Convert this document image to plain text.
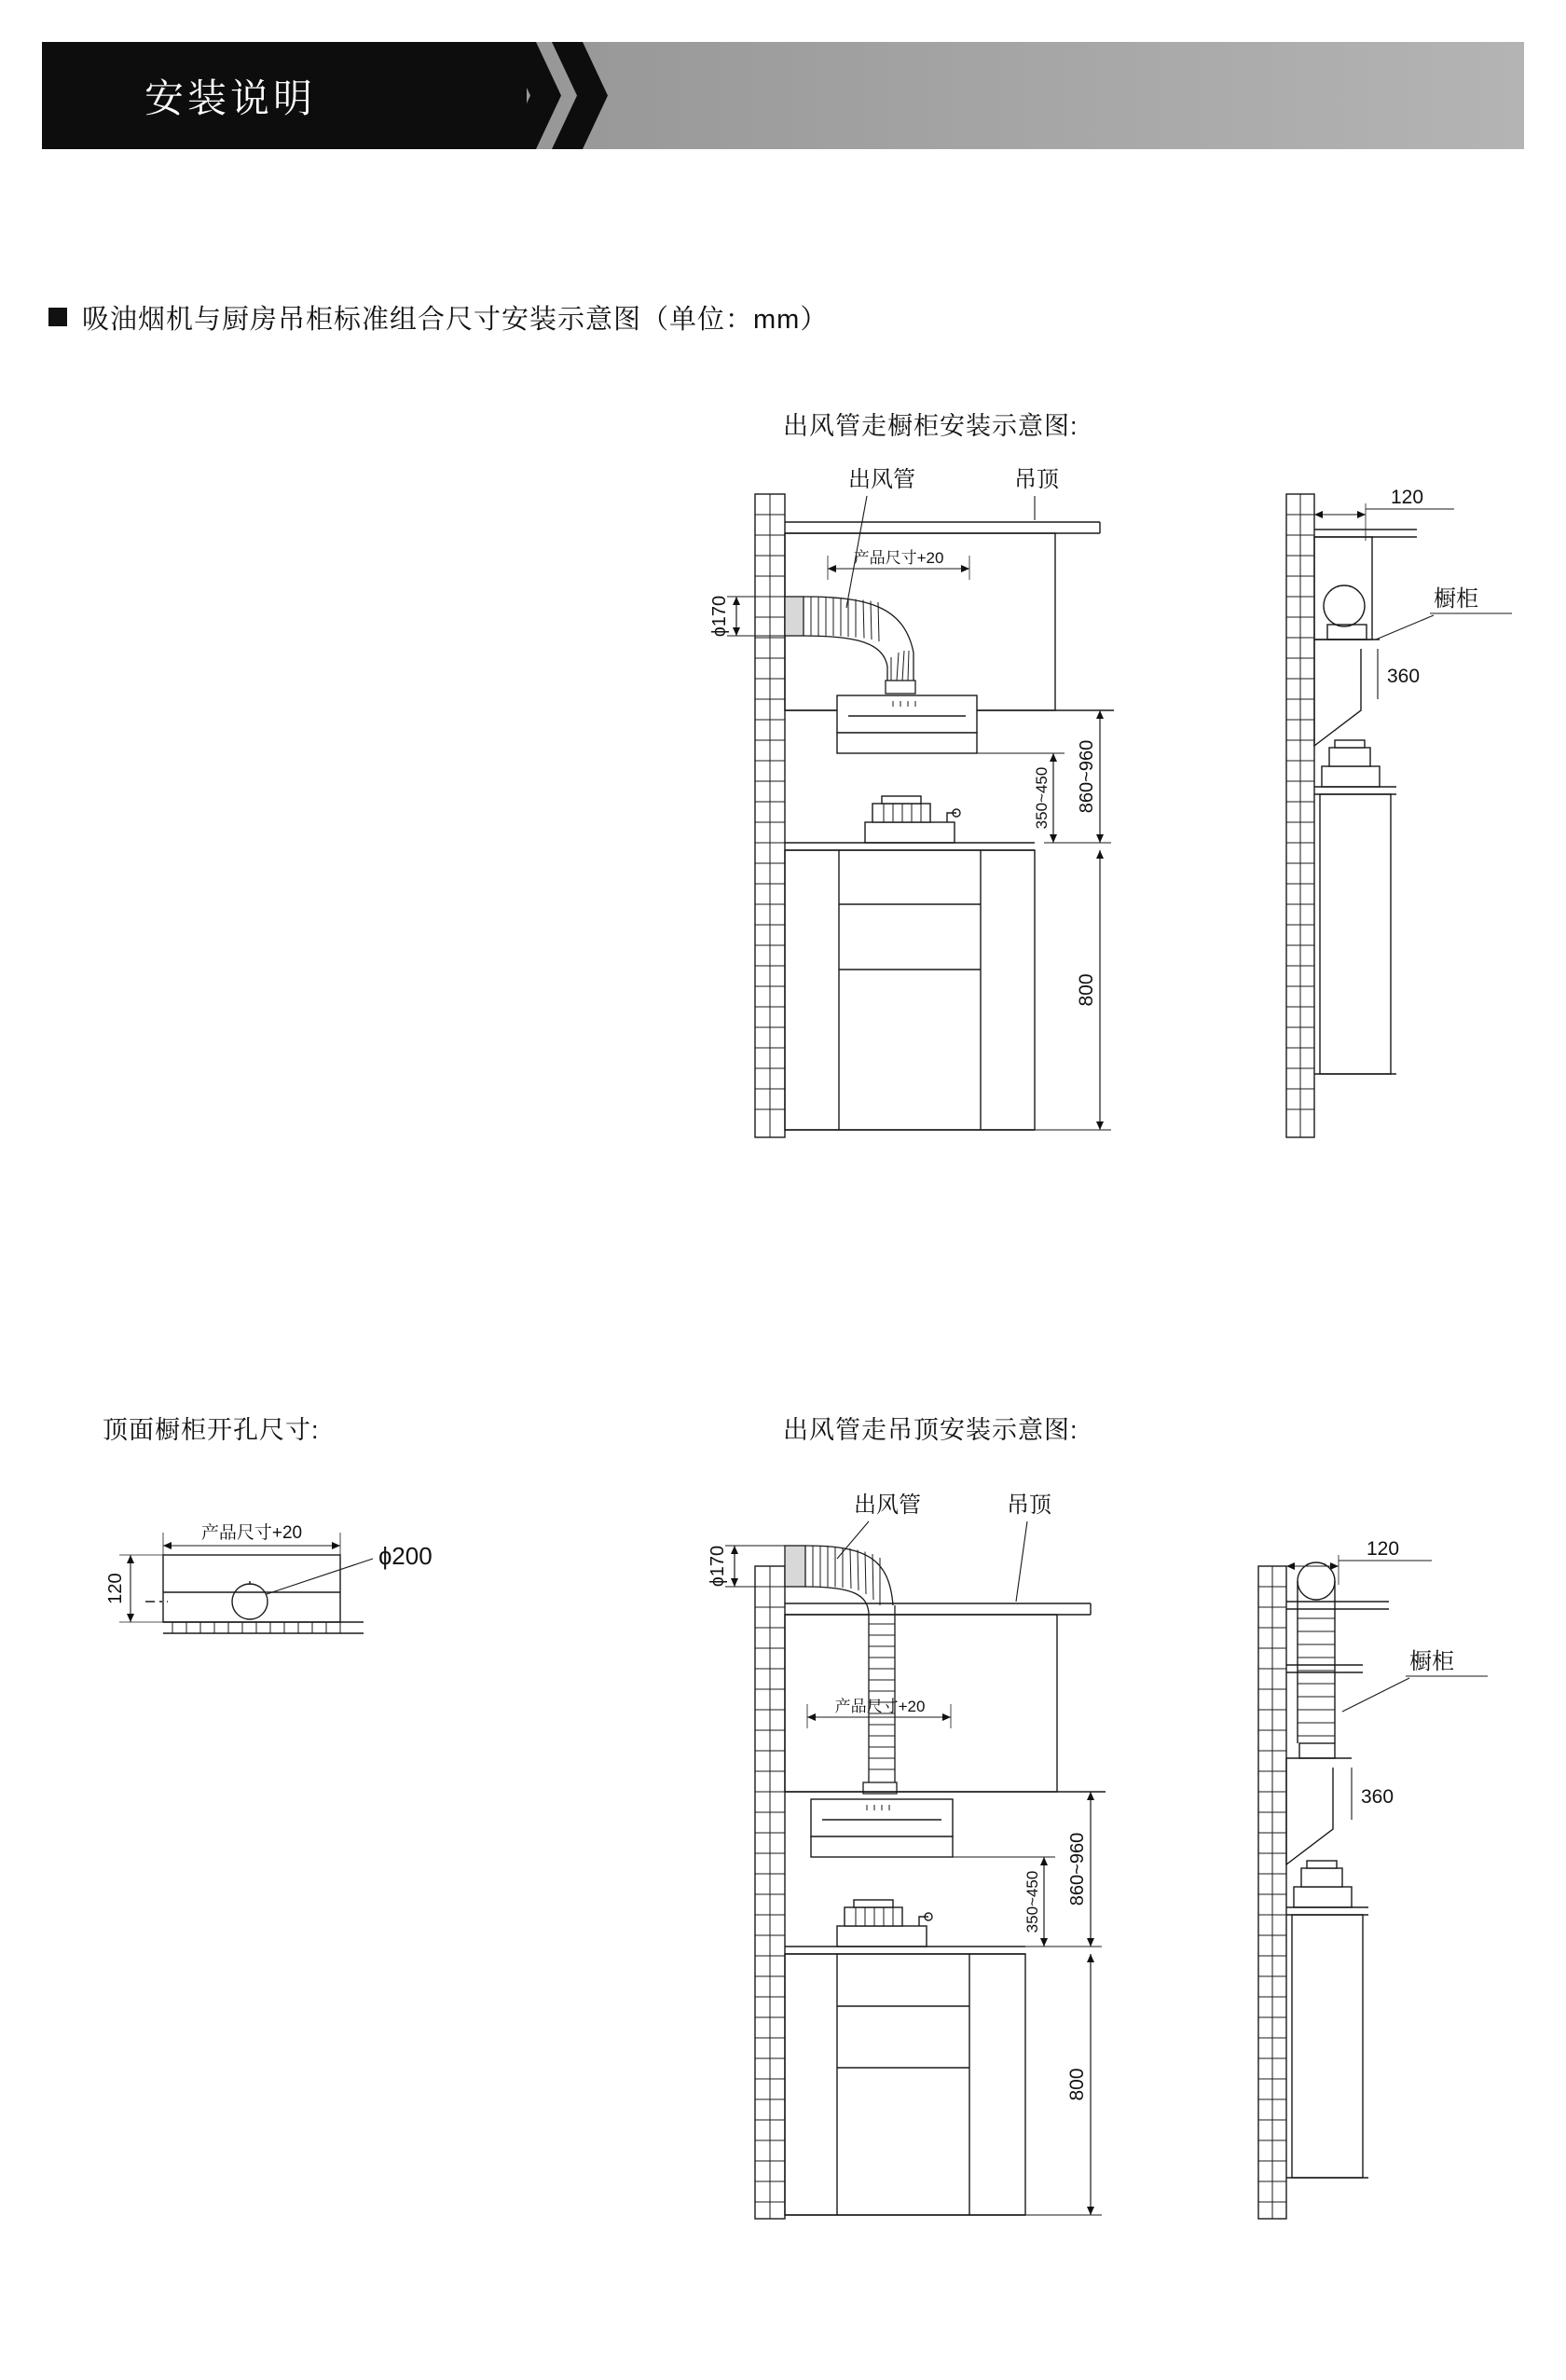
安装说明
吸油烟机与厨房吊柜标准组合尺寸安装示意图（单位：mm）
出风管走橱柜安装示意图:
顶面橱柜开孔尺寸:	出风管走吊顶安装示意图:
ɸ170
产品尺寸+20
860~960
350~450
800
出风管	吊顶
120
360
橱柜
产品尺寸+20
120
ɸ200	ɸ170
产品尺寸+20
860~960
350~450
800
出风管	吊顶
120
360
橱柜
